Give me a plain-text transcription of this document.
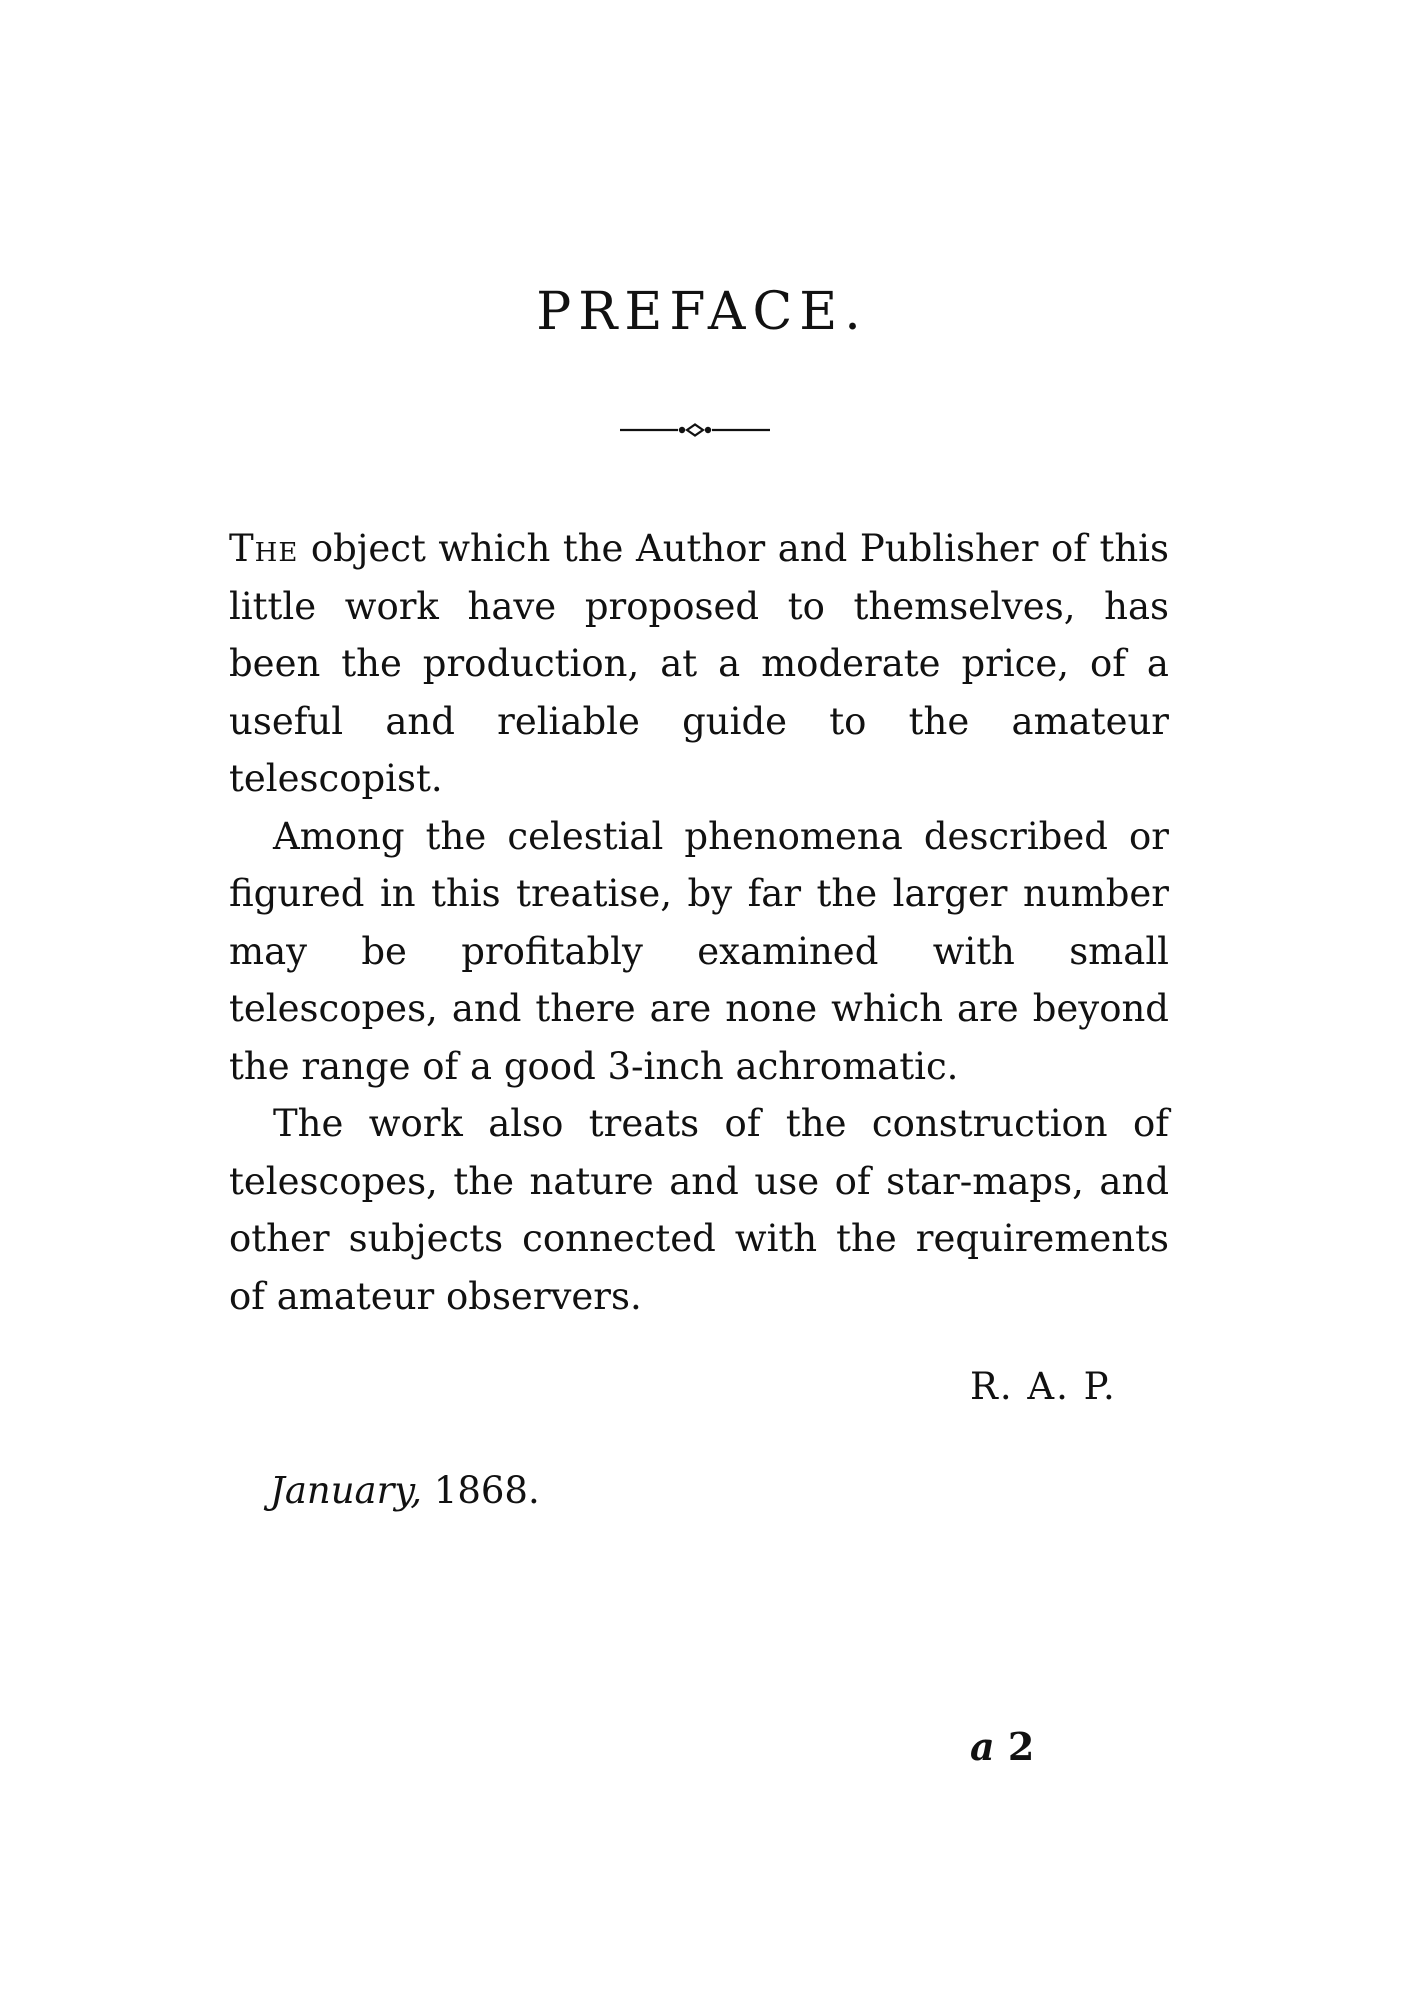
PREFACE.

The object which the Author and Publisher of this little work have proposed to themselves, has been the production, at a moderate price, of a useful and reliable guide to the amateur telescopist.

Among the celestial phenomena described or figured in this treatise, by far the larger number may be profitably examined with small telescopes, and there are none which are beyond the range of a good 3-inch achromatic.

The work also treats of the construction of telescopes, the nature and use of star-maps, and other subjects connected with the requirements of amateur observers.

R. A. P.
January, 1868.
a 2
